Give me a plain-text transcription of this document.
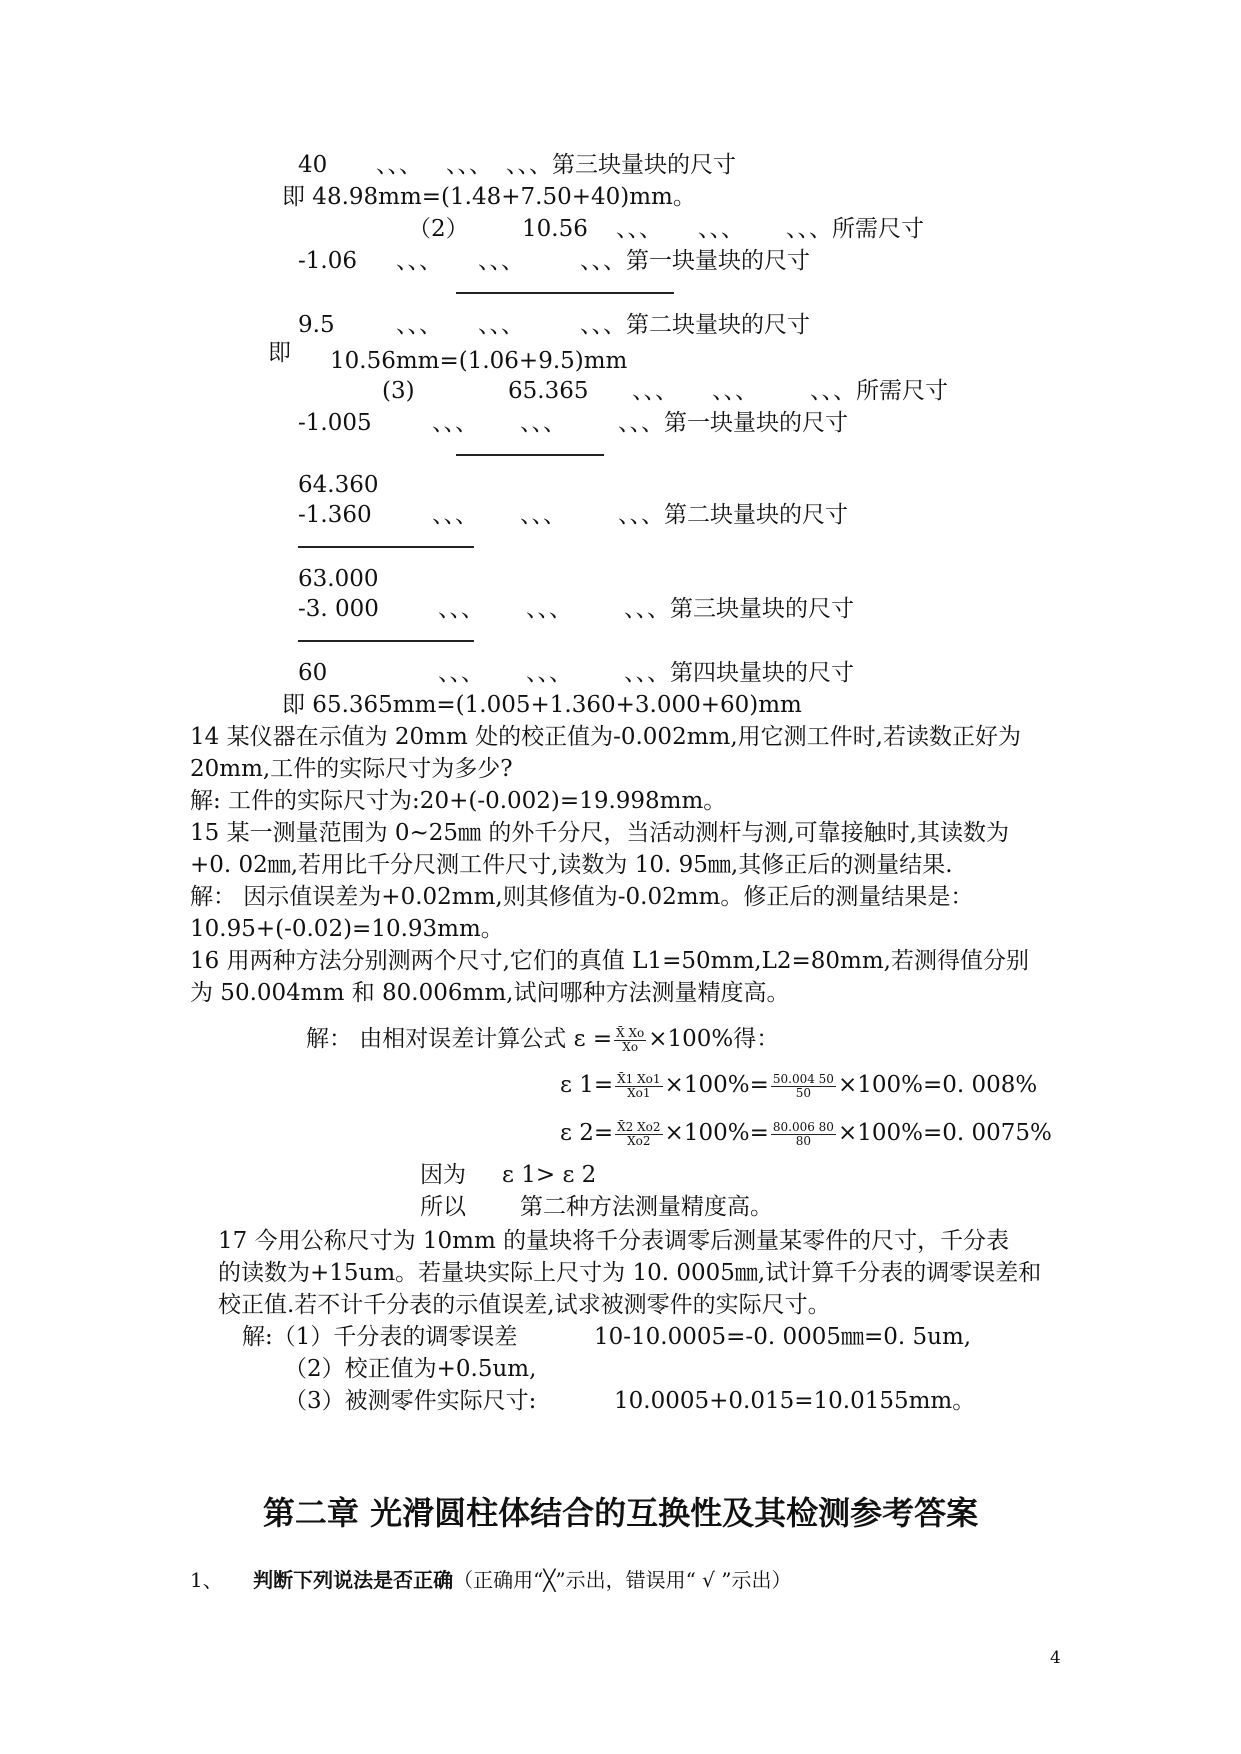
40 、、、 、、、 、、、第三块量块的尺寸
即 48.98mm=(1.48+7.50+40)mm。
（2） 10.56 、、、 、、、 、、、所需尺寸
-1.06 、、、 、、、 、、、第一块量块的尺寸
9.5	、、、 、、、 、、、第二块量块的尺寸
即 10.56mm=(1.06+9.5)mm
(3)	65.365 、、、 、、、 、、、所需尺寸
-1.005	、、、 、、、 、、、第一块量块的尺寸
64.360
-1.360	、、、 、、、 、、、第二块量块的尺寸
63.000
-3. 000	、、、 、、、 、、、第三块量块的尺寸
60	、、、 、、、 、、、第四块量块的尺寸
即 65.365mm=(1.005+1.360+3.000+60)mm
14 某仪器在示值为 20mm 处的校正值为-0.002mm,用它测工件时,若读数正好为
20mm,工件的实际尺寸为多少?
解: 工件的实际尺寸为:20+(-0.002)=19.998mm。
15 某一测量范围为 0~25㎜ 的外千分尺，当活动测杆与测,可靠接触时,其读数为
+0. 02㎜,若用比千分尺测工件尺寸,读数为 10. 95㎜,其修正后的测量结果.
解： 因示值误差为+0.02mm,则其修值为-0.02mm。修正后的测量结果是：
10.95+(-0.02)=10.93mm。
16 用两种方法分别测两个尺寸,它们的真值 L1=50mm,L2=80mm,若测得值分别
为 50.004mm 和 80.006mm,试问哪种方法测量精度高。
解： 由相对误差计算公式 $\varepsilon = \frac{X̄ Xo}{Xo} \times 100\%$得：
ε $1= \frac{X̄1 Xo1}{Xo1} \times 100\%= \frac{50.004 50}{50} \times 100\%=0$. 008%
ε $2= \frac{X̄2 Xo2}{Xo2} \times 100\%= \frac{80.006 80}{80} \times 100\%=0$. 0075%
因为 ε 1> ε 2
所以 第二种方法测量精度高。
17 今用公称尺寸为 10mm 的量块将千分表调零后测量某零件的尺寸，千分表
的读数为+15um。若量块实际上尺寸为 10. 0005㎜,试计算千分表的调零误差和
校正值.若不计千分表的示值误差,试求被测零件的实际尺寸。
解:（1）千分表的调零误差	10-10.0005=-0. 0005㎜=0. 5um,
（2）校正值为+0.5um,
（3）被测零件实际尺寸:	10.0005+0.015=10.0155mm。
第二章 光滑圆柱体结合的互换性及其检测参考答案
1、 判断下列说法是否正确（正确用“╳”示出，错误用“ √ ”示出）
4
